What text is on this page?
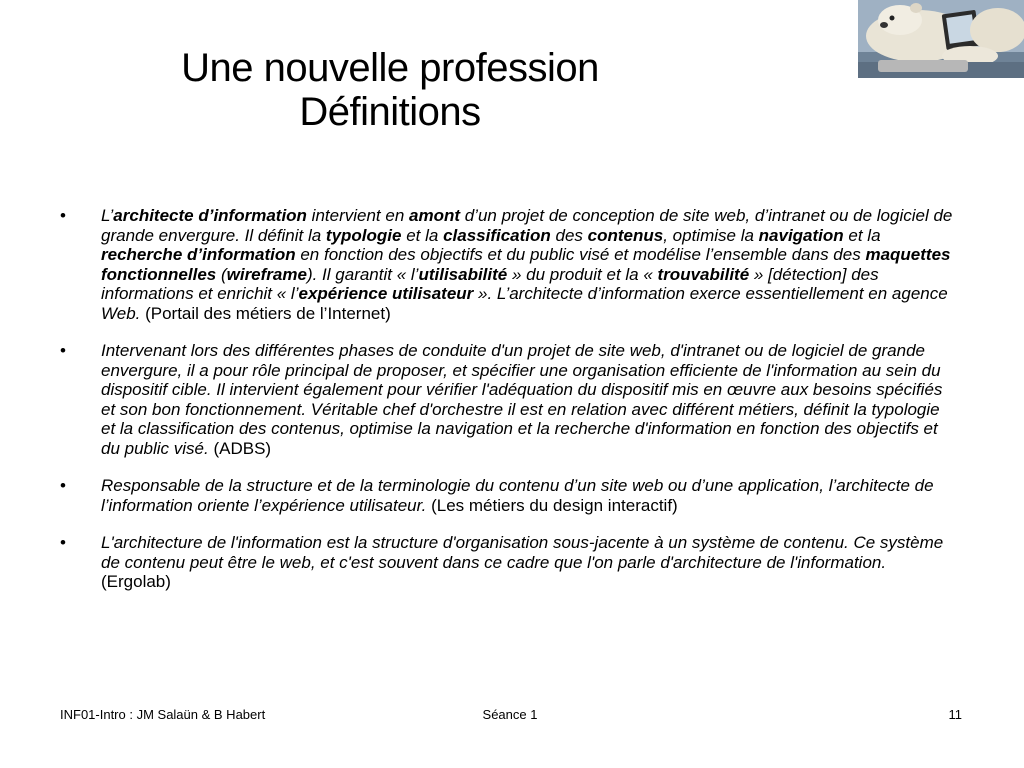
Une nouvelle profession
Définitions
• L’architecte d’information intervient en amont d’un projet de conception de site web, d’intranet ou de logiciel de grande envergure. Il définit la typologie et la classification des contenus, optimise la navigation et la recherche d’information en fonction des objectifs et du public visé et modélise l’ensemble dans des maquettes fonctionnelles (wireframe). Il garantit « l’utilisabilité » du produit et la « trouvabilité » [détection] des informations et enrichit « l’expérience utilisateur ». L’architecte d’information exerce essentiellement en agence Web. (Portail des métiers de l’Internet)
• Intervenant lors des différentes phases de conduite d'un projet de site web, d'intranet ou de logiciel de grande envergure, il a pour rôle principal de proposer, et spécifier une organisation efficiente de l'information au sein du dispositif cible. Il intervient également pour vérifier l'adéquation du dispositif mis en œuvre aux besoins spécifiés et son bon fonctionnement. Véritable chef d'orchestre il est en relation avec différent métiers, définit la typologie et la classification des contenus, optimise la navigation et la recherche d'information en fonction des objectifs et du public visé. (ADBS)
• Responsable de la structure et de la terminologie du contenu d’un site web ou d’une application, l’architecte de l’information oriente l’expérience utilisateur. (Les métiers du design interactif)
• L'architecture de l'information est la structure d'organisation sous-jacente à un système de contenu. Ce système de contenu peut être le web, et c'est souvent dans ce cadre que l'on parle d'architecture de l'information. (Ergolab)
INF01-Intro : JM Salaün & B Habert	Séance 1	11
